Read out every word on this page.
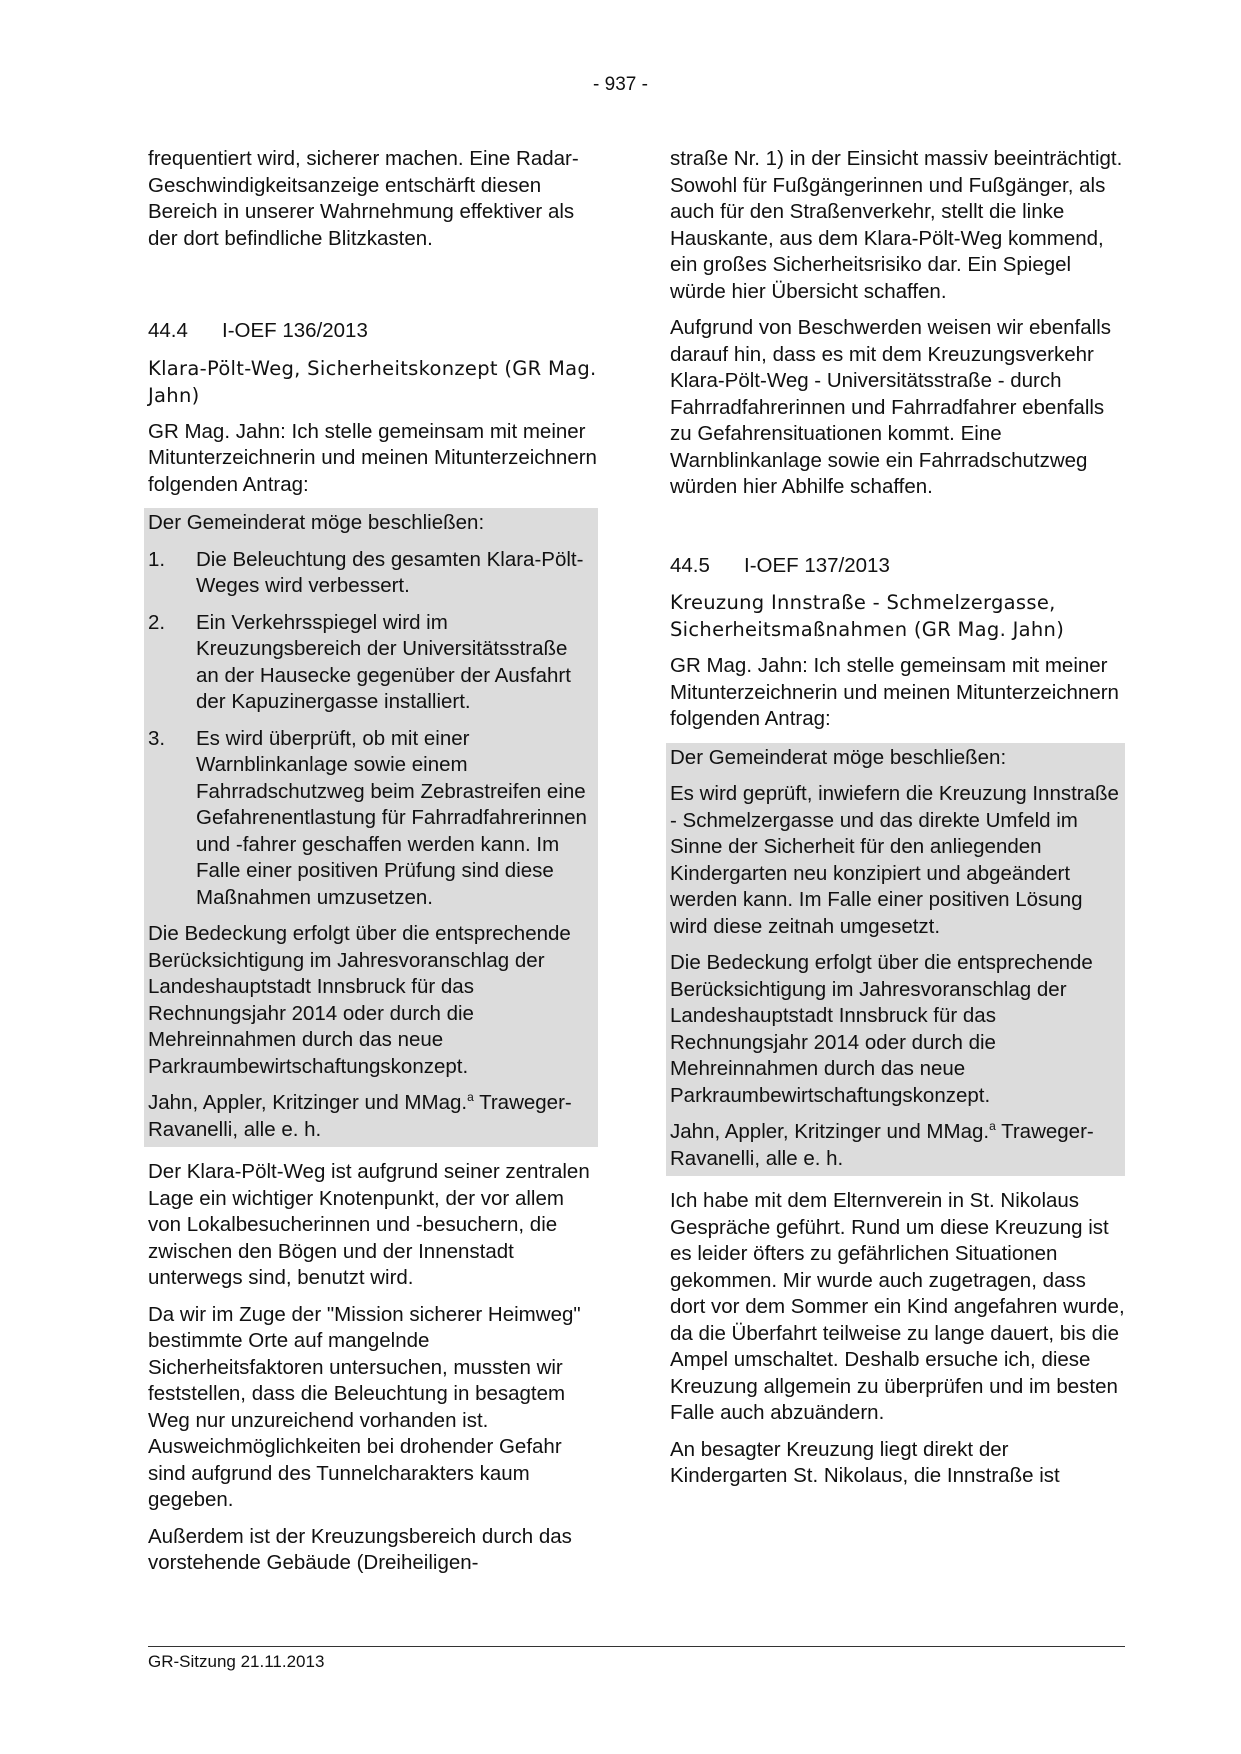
- 937 -

frequentiert wird, sicherer machen. Eine Radar-Geschwindigkeitsanzeige entschärft diesen Bereich in unserer Wahrnehmung effektiver als der dort befindliche Blitzkasten.

44.4 I-OEF 136/2013

Klara-Pölt-Weg, Sicherheitskonzept (GR Mag. Jahn)

GR Mag. Jahn: Ich stelle gemeinsam mit meiner Mitunterzeichnerin und meinen Mitunterzeichnern folgenden Antrag:

Der Gemeinderat möge beschließen:

1. Die Beleuchtung des gesamten Klara-Pölt-Weges wird verbessert.
2. Ein Verkehrsspiegel wird im Kreuzungsbereich der Universitätsstraße an der Hausecke gegenüber der Ausfahrt der Kapuzinergasse installiert.
3. Es wird überprüft, ob mit einer Warnblinkanlage sowie einem Fahrradschutzweg beim Zebrastreifen eine Gefahrenentlastung für Fahrradfahrerinnen und -fahrer geschaffen werden kann. Im Falle einer positiven Prüfung sind diese Maßnahmen umzusetzen.

Die Bedeckung erfolgt über die entsprechende Berücksichtigung im Jahresvoranschlag der Landeshauptstadt Innsbruck für das Rechnungsjahr 2014 oder durch die Mehreinnahmen durch das neue Parkraumbewirtschaftungskonzept.

Jahn, Appler, Kritzinger und MMag.$^a$ Traweger-Ravanelli, alle e. h.

Der Klara-Pölt-Weg ist aufgrund seiner zentralen Lage ein wichtiger Knotenpunkt, der vor allem von Lokalbesucherinnen und -besuchern, die zwischen den Bögen und der Innenstadt unterwegs sind, benutzt wird.

Da wir im Zuge der "Mission sicherer Heimweg" bestimmte Orte auf mangelnde Sicherheitsfaktoren untersuchen, mussten wir feststellen, dass die Beleuchtung in besagtem Weg nur unzureichend vorhanden ist. Ausweichmöglichkeiten bei drohender Gefahr sind aufgrund des Tunnelcharakters kaum gegeben.

Außerdem ist der Kreuzungsbereich durch das vorstehende Gebäude (Dreiheiligen-

straße Nr. 1) in der Einsicht massiv beeinträchtigt. Sowohl für Fußgängerinnen und Fußgänger, als auch für den Straßenverkehr, stellt die linke Hauskante, aus dem Klara-Pölt-Weg kommend, ein großes Sicherheitsrisiko dar. Ein Spiegel würde hier Übersicht schaffen.

Aufgrund von Beschwerden weisen wir ebenfalls darauf hin, dass es mit dem Kreuzungsverkehr Klara-Pölt-Weg - Universitätsstraße - durch Fahrradfahrerinnen und Fahrradfahrer ebenfalls zu Gefahrensituationen kommt. Eine Warnblinkanlage sowie ein Fahrradschutzweg würden hier Abhilfe schaffen.

44.5 I-OEF 137/2013

Kreuzung Innstraße - Schmelzergasse, Sicherheitsmaßnahmen (GR Mag. Jahn)

GR Mag. Jahn: Ich stelle gemeinsam mit meiner Mitunterzeichnerin und meinen Mitunterzeichnern folgenden Antrag:

Der Gemeinderat möge beschließen:

Es wird geprüft, inwiefern die Kreuzung Innstraße - Schmelzergasse und das direkte Umfeld im Sinne der Sicherheit für den anliegenden Kindergarten neu konzipiert und abgeändert werden kann. Im Falle einer positiven Lösung wird diese zeitnah umgesetzt.

Die Bedeckung erfolgt über die entsprechende Berücksichtigung im Jahresvoranschlag der Landeshauptstadt Innsbruck für das Rechnungsjahr 2014 oder durch die Mehreinnahmen durch das neue Parkraumbewirtschaftungskonzept.

Jahn, Appler, Kritzinger und MMag.$^a$ Traweger-Ravanelli, alle e. h.

Ich habe mit dem Elternverein in St. Nikolaus Gespräche geführt. Rund um diese Kreuzung ist es leider öfters zu gefährlichen Situationen gekommen. Mir wurde auch zugetragen, dass dort vor dem Sommer ein Kind angefahren wurde, da die Überfahrt teilweise zu lange dauert, bis die Ampel umschaltet. Deshalb ersuche ich, diese Kreuzung allgemein zu überprüfen und im besten Falle auch abzuändern.

An besagter Kreuzung liegt direkt der Kindergarten St. Nikolaus, die Innstraße ist

GR-Sitzung 21.11.2013
